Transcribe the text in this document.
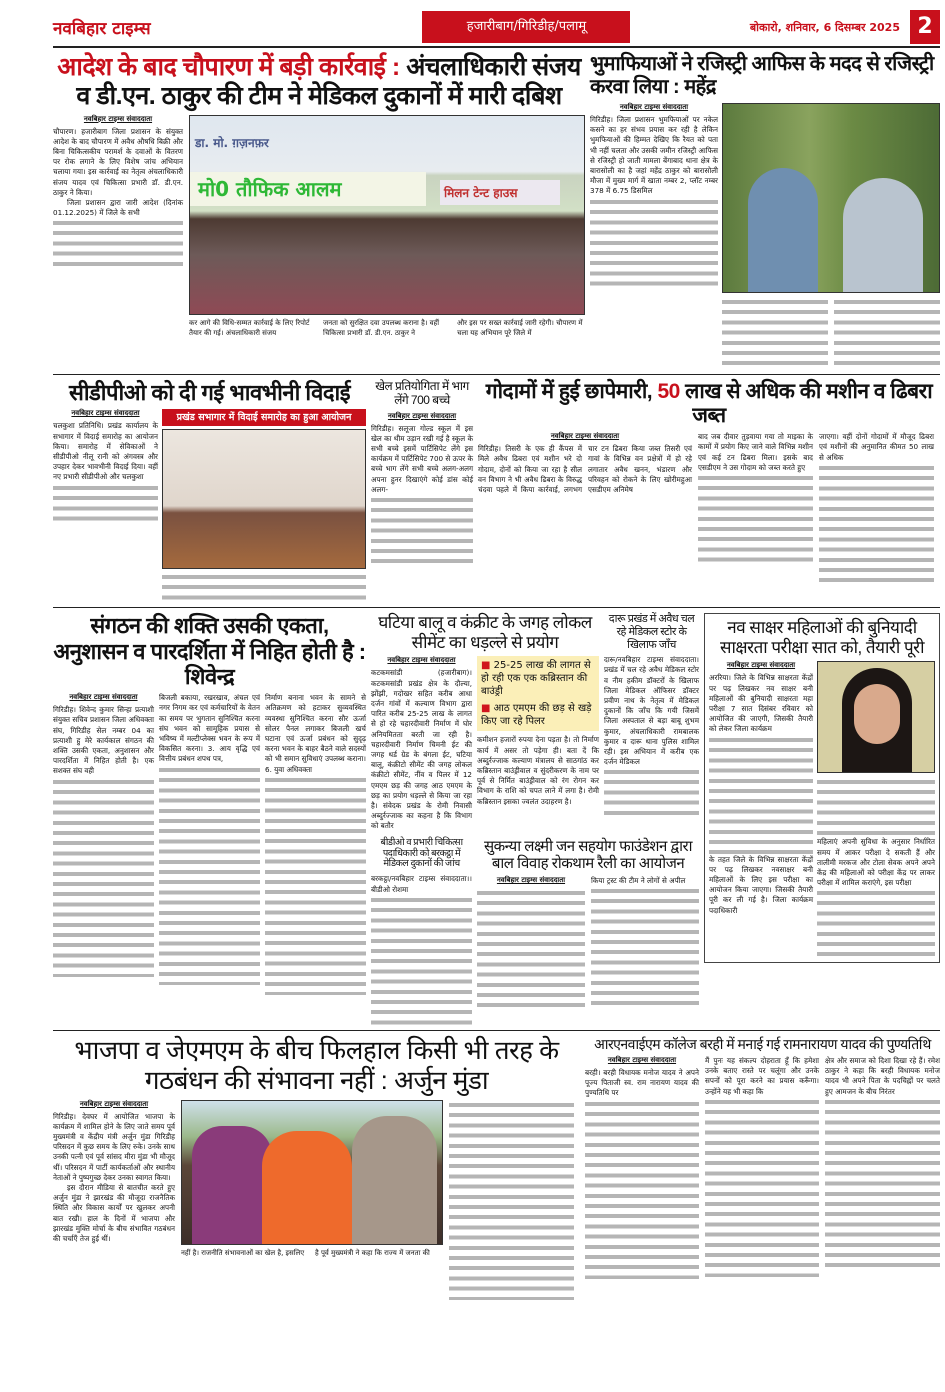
नवबिहार टाइम्स	हजारीबाग/गिरिडीह/पलामू	बोकारो, शनिवार, 6 दिसम्बर 2025 2
आदेश के बाद चौपारण में बड़ी कार्रवाई : अंचलाधिकारी संजय
व डी.एन. ठाकुर की टीम ने मेडिकल दुकानों में मारी दबिश
नवबिहार टाइम्स संवाददाता
चौपारण। हजारीबाग जिला प्रशासन के संयुक्त आदेश के बाद चौपारण में अवैध औषधि बिक्री और बिना चिकित्सकीय परामर्श के दवाओं के वितरण पर रोक लगाने के लिए विशेष जांच अभियान चलाया गया। इस कार्रवाई का नेतृत्व अंचलाधिकारी संजय यादव एवं चिकित्सा प्रभारी डॉ. डी.एन. ठाकुर ने किया।
जिला प्रशासन द्वारा जारी आदेश (दिनांक 01.12.2025) में जिले के सभी
डा. मो. ग़ज़नफ़र
मो0 तौफिक आलम	मिलन टेन्ट हाउस
कर आगे की विधि-सम्मत कार्रवाई के लिए रिपोर्ट तैयार की गई। अंचलाधिकारी संजय
जनता को सुरक्षित दवा उपलब्ध कराना है। वहीं चिकित्सा प्रभारी डॉ. डी.एन. ठाकुर ने
और इस पर सख्त कार्रवाई जारी रहेगी। चौपारण में चला यह अभियान पूरे जिले में
भुमाफियाओं ने रजिस्ट्री आफिस के मदद से रजिस्ट्री करवा लिया : महेंद्र
नवबिहार टाइम्स संवाददाता
गिरिडीह। जिला प्रशासन भुमफियाओं पर नकेल कसने का हर संभव प्रयास कर रही है लेकिन भुमफियाओं की हिम्मत देखिए कि रैयत को पता भी नहीं चलता और उसकी जमीन रजिस्ट्री आफिस से रजिस्ट्री हो जाती मामला बेंगाबाद थाना क्षेत्र के बारासोली का है जहां महेंद्र ठाकुर को बारासोली मौजा में मुख्य मार्ग में खाता नम्बर 2, प्लॉट नम्बर 378 में 6.75 डिसमिल
सीडीपीओ को दी गई भावभीनी विदाई
नवबिहार टाइम्स संवाददाता
चलकुशा प्रतिनिधि। प्रखंड कार्यालय के सभागार में विदाई समारोह का आयोजन किया। समारोह में सेविकाओं ने सीडीपीओ नीलू रानी को अंगवस्त्र और उपहार देकर भावभीनी विदाई दिया। वहीं नए प्रभारी सीडीपीओ और चलकुशा
प्रखंड सभागार में विदाई समारोह का हुआ आयोजन
खेल प्रतियोगिता में भाग लेंगे 700 बच्चे
नवबिहार टाइम्स संवाददाता
गिरिडीह। सलूजा गोल्ड स्कूल में इस खेल का थीम उड़ान रखी गई है स्कूल के सभी बच्चे इसमें पार्टिसिपेट लेंगे इस कार्यक्रम में पार्टिसिपेट 700 से ऊपर के बच्चे भाग लेंगे सभी बच्चे अलग-अलग अपना हुनर दिखाएंगे कोई डांस कोई अलग-
गोदामों में हुई छापेमारी, 50 लाख से अधिक की मशीन व ढिबरा जब्त
नवबिहार टाइम्स संवाददाता
गिरिडीह। तिसरी के एक ही कैंपस में मिले अवैध ढिबरा एवं मशीन भरे दो गोदाम, दोनों को किया जा रहा है सील वन विभाग ने भी अवैध ढिबरा के विरुद्ध चंदवा पहले में किया कार्रवाई, लगभग चार टन ढिबरा किया जब्त तिसरी एवं गावां के विभिन्न वन प्रक्षेत्रों में हो रहे लगातार अवैध खनन, भंडारण और परिवहन को रोकने के लिए खोरीमहुआ एसडीएम अनिमेष
बाद जब दीवार तुड़वाया गया तो माइका के कामों में प्रयोग किए जाने वाले विभिन्न मशीन एवं कई टन ढिबरा मिला। इसके बाद एसडीएम ने उस गोदाम को जब्त करते हुए
जाएगा। वहीं दोनों गोदामों में मौजूद ढिबरा एवं मशीनों की अनुमानित कीमत 50 लाख से अधिक
संगठन की शक्ति उसकी एकता, अनुशासन व पारदर्शिता में निहित होती है : शिवेन्द्र
नवबिहार टाइम्स संवाददाता
गिरिडीह। शिवेन्द कुमार सिन्हा प्रत्याशी संयुक्त सचिव प्रशासन जिला अधिवक्ता संघ, गिरिडीह सेल नम्बर 04 का प्रत्याशी हु मेरे कार्यकाल संगठन की शक्ति उसकी एकता, अनुशासन और पारदर्शिता में निहित होती है। एक सशक्त संघ वही
बिजली बकाया, रखरखाव, अंचल एवं नगर निगम कर एवं कर्मचारियों के वेतन का समय पर भुगतान सुनिश्चित करना संघ भवन को सामूहिक प्रयास से भविष्य में मल्टीप्लेक्स भवन के रूप में विकसित करना। 3. आय वृद्धि एवं वित्तीय प्रबंधन शपथ पत्र,
निर्माण बनाना भवन के सामने से अतिक्रमण को हटाकर सुव्यवस्थित व्यवस्था सुनिश्चित करना सौर ऊर्जा सोलर पैनल लगाकर बिजली खर्च घटाना एवं ऊर्जा प्रबंधन को सुदृढ़ करना भवन के बाहर बैठने वाले सदस्यों को भी समान सुविधाएं उपलब्ध कराना।6. युवा अधिवक्ता
घटिया बालू व कंक्रीट के जगह लोकल सीमेंट का धड़ल्ले से प्रयोग
नवबिहार टाइम्स संवाददाता
कटकमसांडी (हजारीबाग)। कटकमसांडी प्रखंड क्षेत्र के दौल्या, झोंझी, गदोखर सहित करीब आधा दर्जन गांवों में कल्याण विभाग द्वारा पारित करीब 25-25 लाख के लागत से हो रहे चहारदीवारी निर्माण में घोर अनियमितता बरती जा रही है। चहारदीवारी निर्माण चिमनी ईट की जगह थर्ड ग्रेड के बंगला ईट, घटिया बालू, कंक्रीटो सीमेंट की जगह लोकल कंक्रीटो सीमेंट, नींव व पिलर में 12 एमएम छड़ की जगह आठ एमएम के छड़ का प्रयोग धड़ल्ले से किया जा रहा है। संवेदक प्रखंड के रोमी निवासी अब्दुर्रज्जाक का कहना है कि विभाग को बतौर
■ 25-25 लाख की लागत से हो रही एक एक कब्रिस्तान की बाउंड्री
■ आठ एमएम की छड़ से खड़े किए जा रहे पिलर
कमीशन हजारों रुपया देना पड़ता है। तो निर्माण कार्य में असर तो पड़ेगा ही। बता दें कि अब्दुर्रज्जाक कल्याण मंत्रालय से साठगांठ कर कब्रिस्तान बाउंड्रीवाल व सुंदरीकरण के नाम पर पूर्व से निर्मित बाउंड्रीवाल को रंग रोगन कर विभाग के राशि को चपत लाने में लगा है। रोमी कब्रिस्तान इसका ज्वलंत उदाहरण है।
दारू प्रखंड में अवैध चल रहे मेडिकल स्टोर के खिलाफ जाँच
दारू/नवबिहार टाइम्स संवाददाता। प्रखंड में चल रहे अवैध मेडिकल स्टोर व नीम हकीम डॉक्टरों के खिलाफ जिला मेडिकल ऑफिसर डॉक्टर प्रवीण नाथ के नेतृत्व में मेडिकल दुकानों कि जाँच कि गयी जिसमें जिला अस्पताल से बड़ा बाबू शुभम कुमार, अंचलाधिकारी रामबालक कुमार व दारू थाना पुलिस शामिल रही। इस अभियान में करीब एक दर्जन मेडिकल
बीडीओ व प्रभारी चिकित्सा पदाधिकारी को बरकट्ठा में मेडिकल दुकानों की जांच
बरकट्ठा/नवबिहार टाइम्स संवाददाता।। बीडीओ रोशमा
सुकन्या लक्ष्मी जन सहयोग फाउंडेशन द्वारा बाल विवाह रोकथाम रैली का आयोजन
नवबिहार टाइम्स संवाददाता	किया ट्रस्ट की टीम ने लोगों से अपील
नव साक्षर महिलाओं की बुनियादी साक्षरता परीक्षा सात को, तैयारी पूरी
नवबिहार टाइम्स संवाददाता
अररिया। जिले के विभिन्न साक्षरता केंद्रों पर पढ़ लिखकर नव साक्षर बनी महिलाओं की बुनियादी साक्षरता महा परीक्षा 7 सात दिसंबर रविवार को आयोजित की जाएगी, जिसकी तैयारी को लेकर जिला कार्यक्रम
के तहत जिले के विभिन्न साक्षरता केंद्रों पर पढ़ लिखकर नवसाक्षर बनी महिलाओं के लिए इस परीक्षा का आयोजन किया जाएगा। जिसकी तैयारी पूरी कर ली गई है। जिला कार्यक्रम पदाधिकारी
महिलाएं अपनी सुविधा के अनुसार निर्धारित समय में आकर परीक्षा दे सकती हैं और तालीमी मरकज और टोला सेवक अपने अपने केंद्र की महिलाओं को परीक्षा केंद्र पर लाकर परीक्षा में शामिल कराएंगे, इस परीक्षा
भाजपा व जेएमएम के बीच फिलहाल किसी भी तरह के गठबंधन की संभावना नहीं : अर्जुन मुंडा
नवबिहार टाइम्स संवाददाता
गिरिडीह। देवघर में आयोजित भाजपा के कार्यक्रम में शामिल होने के लिए जाते समय पूर्व मुख्यमंत्री व केंद्रीय मंत्री अर्जुन मुंडा गिरिडीह परिसदन में कुछ समय के लिए रुके। उनके साथ उनकी पत्नी एवं पूर्व सांसद मीरा मुंडा भी मौजूद थीं। परिसदन में पार्टी कार्यकर्ताओं और स्थानीय नेताओं ने पुष्पगुच्छ देकर उनका स्वागत किया।
इस दौरान मीडिया से बातचीत करते हुए अर्जुन मुंडा ने झारखंड की मौजूदा राजनैतिक स्थिति और विकास कार्यों पर खुलकर अपनी बात रखी। हाल के दिनों में भाजपा और झारखंड मुक्ति मोर्चा के बीच संभावित गठबंधन की चर्चाएँ तेज हुई थीं।
नहीं है। राजनीति संभावनाओं का खेल है, इसलिए	है पूर्व मुख्यमंत्री ने कहा कि राज्य में जनता की
आरएनवाईएम कॉलेज बरही में मनाई गई रामनारायण यादव की पुण्यतिथि
नवबिहार टाइम्स संवाददाता
बरही। बरही विधायक मनोज यादव ने अपने पूज्य पिताजी स्व. राम नारायण यादव की पुण्यतिथि पर
मैं पुनः यह संकल्प दोहराता हूँ कि हमेशा उनके बताए रास्ते पर चलूंगा और उनके सपनों को पूरा करने का प्रयास करूँगा। उन्होंने यह भी कहा कि
क्षेत्र और समाज को दिशा दिखा रहे हैं। रमेश ठाकुर ने कहा कि बरही विधायक मनोज यादव भी अपने पिता के पदचिह्नों पर चलते हुए आमजन के बीच निरंतर
